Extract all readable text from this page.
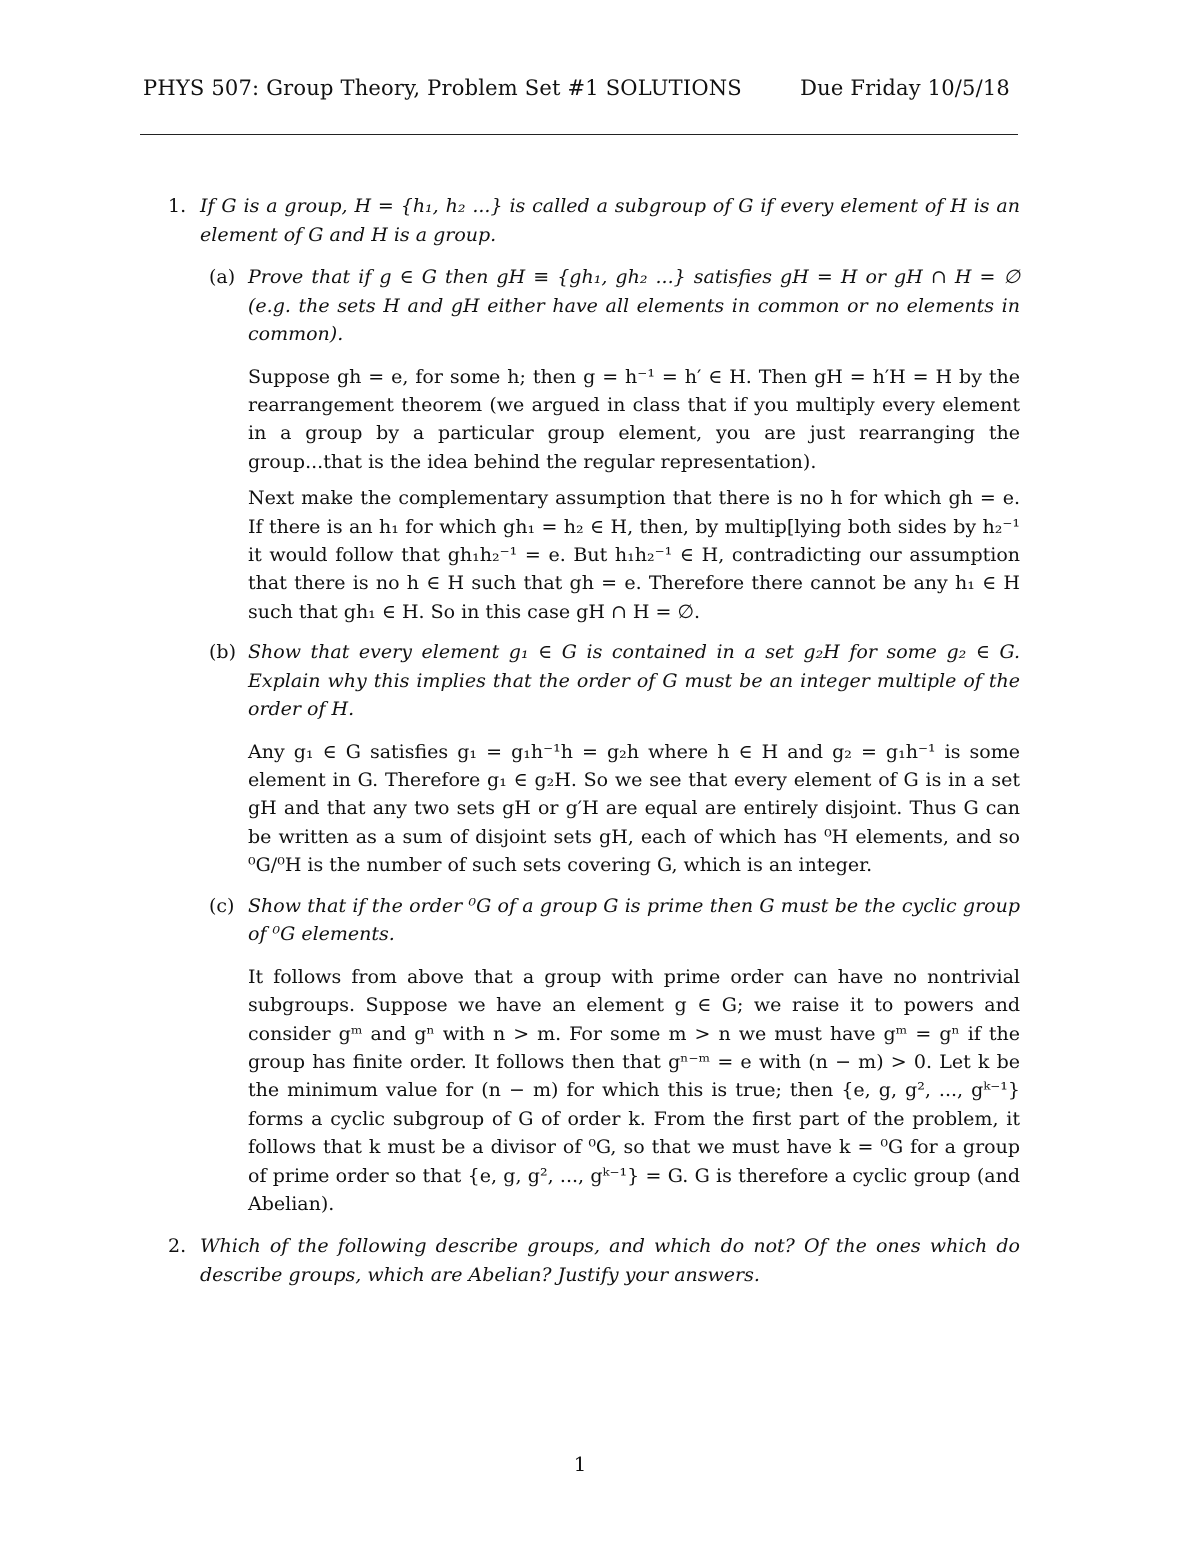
PHYS 507: Group Theory, Problem Set #1 SOLUTIONS	Due Friday 10/5/18
1. If G is a group, H = {h₁, h₂ ...} is called a subgroup of G if every element of H is an element of G and H is a group.

(a) Prove that if g ∈ G then gH ≡ {gh₁, gh₂ ...} satisfies gH = H or gH ∩ H = ∅ (e.g. the sets H and gH either have all elements in common or no elements in common).

Suppose gh = e, for some h; then g = h⁻¹ = h′ ∈ H. Then gH = h′H = H by the rearrangement theorem (we argued in class that if you multiply every element in a group by a particular group element, you are just rearranging the group...that is the idea behind the regular representation).

Next make the complementary assumption that there is no h for which gh = e. If there is an h₁ for which gh₁ = h₂ ∈ H, then, by multip[lying both sides by h₂⁻¹ it would follow that gh₁h₂⁻¹ = e. But h₁h₂⁻¹ ∈ H, contradicting our assumption that there is no h ∈ H such that gh = e. Therefore there cannot be any h₁ ∈ H such that gh₁ ∈ H. So in this case gH ∩ H = ∅.

(b) Show that every element g₁ ∈ G is contained in a set g₂H for some g₂ ∈ G. Explain why this implies that the order of G must be an integer multiple of the order of H.

Any g₁ ∈ G satisfies g₁ = g₁h⁻¹h = g₂h where h ∈ H and g₂ = g₁h⁻¹ is some element in G. Therefore g₁ ∈ g₂H. So we see that every element of G is in a set gH and that any two sets gH or g′H are equal are entirely disjoint. Thus G can be written as a sum of disjoint sets gH, each of which has ⁰H elements, and so ⁰G/⁰H is the number of such sets covering G, which is an integer.

(c) Show that if the order ⁰G of a group G is prime then G must be the cyclic group of ⁰G elements.

It follows from above that a group with prime order can have no nontrivial subgroups. Suppose we have an element g ∈ G; we raise it to powers and consider gᵐ and gⁿ with n > m. For some m > n we must have gᵐ = gⁿ if the group has finite order. It follows then that gⁿ⁻ᵐ = e with (n − m) > 0. Let k be the minimum value for (n − m) for which this is true; then {e, g, g², ..., gᵏ⁻¹} forms a cyclic subgroup of G of order k. From the first part of the problem, it follows that k must be a divisor of ⁰G, so that we must have k = ⁰G for a group of prime order so that {e, g, g², ..., gᵏ⁻¹} = G. G is therefore a cyclic group (and Abelian).

2. Which of the following describe groups, and which do not? Of the ones which do describe groups, which are Abelian? Justify your answers.

1
